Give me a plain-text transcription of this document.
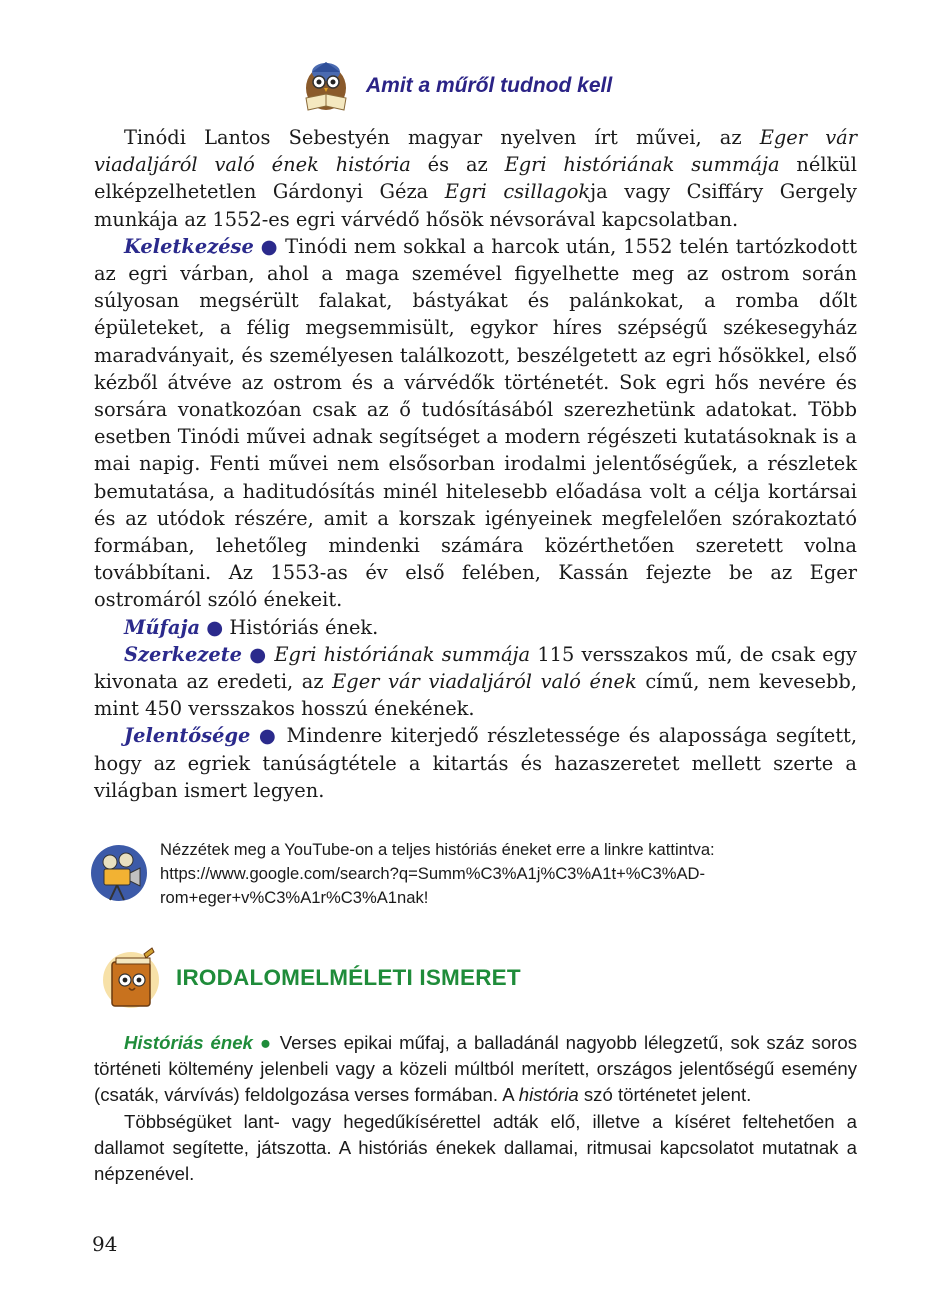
Amit a műről tudnod kell

Tinódi Lantos Sebestyén magyar nyelven írt művei, az Eger vár viadaljáról való ének história és az Egri históriának summája nélkül elképzelhetetlen Gárdonyi Géza Egri csillagokja vagy Csiffáry Gergely munkája az 1552-es egri várvédő hősök névsorával kapcsolatban.

Keletkezése ● Tinódi nem sokkal a harcok után, 1552 telén tartózkodott az egri várban, ahol a maga szemével figyelhette meg az ostrom során súlyosan megsérült falakat, bástyákat és palánkokat, a romba dőlt épületeket, a félig megsemmisült, egykor híres szépségű székesegyház maradványait, és személyesen találkozott, beszélgetett az egri hősökkel, első kézből átvéve az ostrom és a várvédők történetét. Sok egri hős nevére és sorsára vonatkozóan csak az ő tudósításából szerezhetünk adatokat. Több esetben Tinódi művei adnak segítséget a modern régészeti kutatásoknak is a mai napig. Fenti művei nem elsősorban irodalmi jelentőségűek, a részletek bemutatása, a haditudósítás minél hitelesebb előadása volt a célja kortársai és az utódok részére, amit a korszak igényeinek megfelelően szórakoztató formában, lehetőleg mindenki számára közérthetően szeretett volna továbbítani. Az 1553-as év első felében, Kassán fejezte be az Eger ostromáról szóló énekeit.

Műfaja ● Históriás ének.

Szerkezete ● Egri históriának summája 115 versszakos mű, de csak egy kivonata az eredeti, az Eger vár viadaljáról való ének című, nem kevesebb, mint 450 versszakos hosszú énekének.

Jelentősége ● Mindenre kiterjedő részletessége és alapossága segített, hogy az egriek tanúságtétele a kitartás és hazaszeretet mellett szerte a világban ismert legyen.

Nézzétek meg a YouTube-on a teljes históriás éneket erre a linkre kattintva:
https://www.google.com/search?q=Summ%C3%A1j%C3%A1t+%C3%AD-
rom+eger+v%C3%A1r%C3%A1nak!
IRODALOMELMÉLETI ISMERET

Históriás ének ● Verses epikai műfaj, a balladánál nagyobb lélegzetű, sok száz soros történeti költemény jelenbeli vagy a közeli múltból merített, országos jelentőségű esemény (csaták, várvívás) feldolgozása verses formában. A história szó történetet jelent.

Többségüket lant- vagy hegedűkísérettel adták elő, illetve a kíséret feltehetően a dallamot segítette, játszotta. A históriás énekek dallamai, ritmusai kapcsolatot mutatnak a népzenével.

94
